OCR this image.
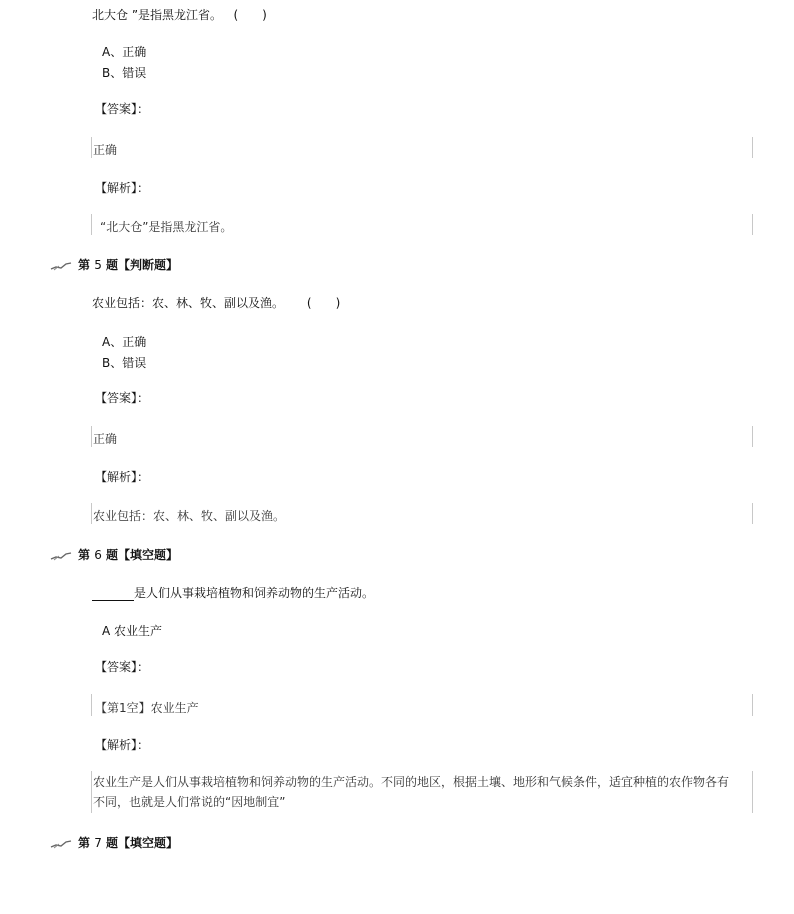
北大仓 ”是指黑龙江省。 (　　)
A、正确
B、错误
【答案】：
正确
【解析】：
“北大仓”是指黑龙江省。
第 5 题【判断题】
农业包括：农、林、牧、副以及渔。 (　　)
A、正确
B、错误
【答案】：
正确
【解析】：
农业包括：农、林、牧、副以及渔。
第 6 题【填空题】
是人们从事栽培植物和饲养动物的生产活动。
A 农业生产
【答案】：
【第1空】农业生产
【解析】：
农业生产是人们从事栽培植物和饲养动物的生产活动。不同的地区，根据土壤、地形和气候条件，适宜种植的农作物各有不同，也就是人们常说的“因地制宜”
第 7 题【填空题】
